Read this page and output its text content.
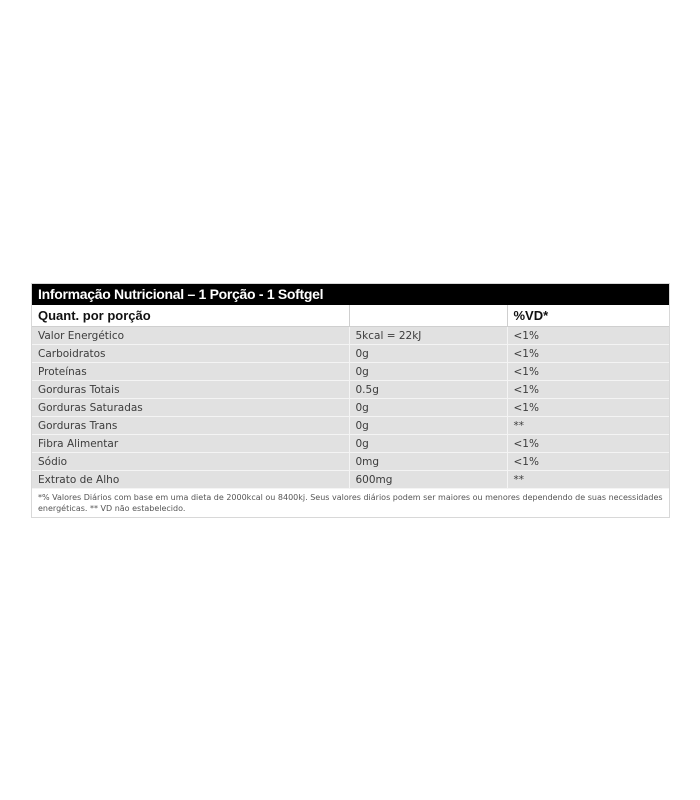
Informação Nutricional – 1 Porção - 1 Softgel
Quant. por porção		%VD*
Valor Energético	5kcal = 22kJ	<1%
Carboidratos	0g	<1%
Proteínas	0g	<1%
Gorduras Totais	0.5g	<1%
Gorduras Saturadas	0g	<1%
Gorduras Trans	0g	**
Fibra Alimentar	0g	<1%
Sódio	0mg	<1%
Extrato de Alho	600mg	**
*% Valores Diários com base em uma dieta de 2000kcal ou 8400kj. Seus valores diários podem ser maiores ou menores dependendo de suas necessidades energéticas. ** VD não estabelecido.
